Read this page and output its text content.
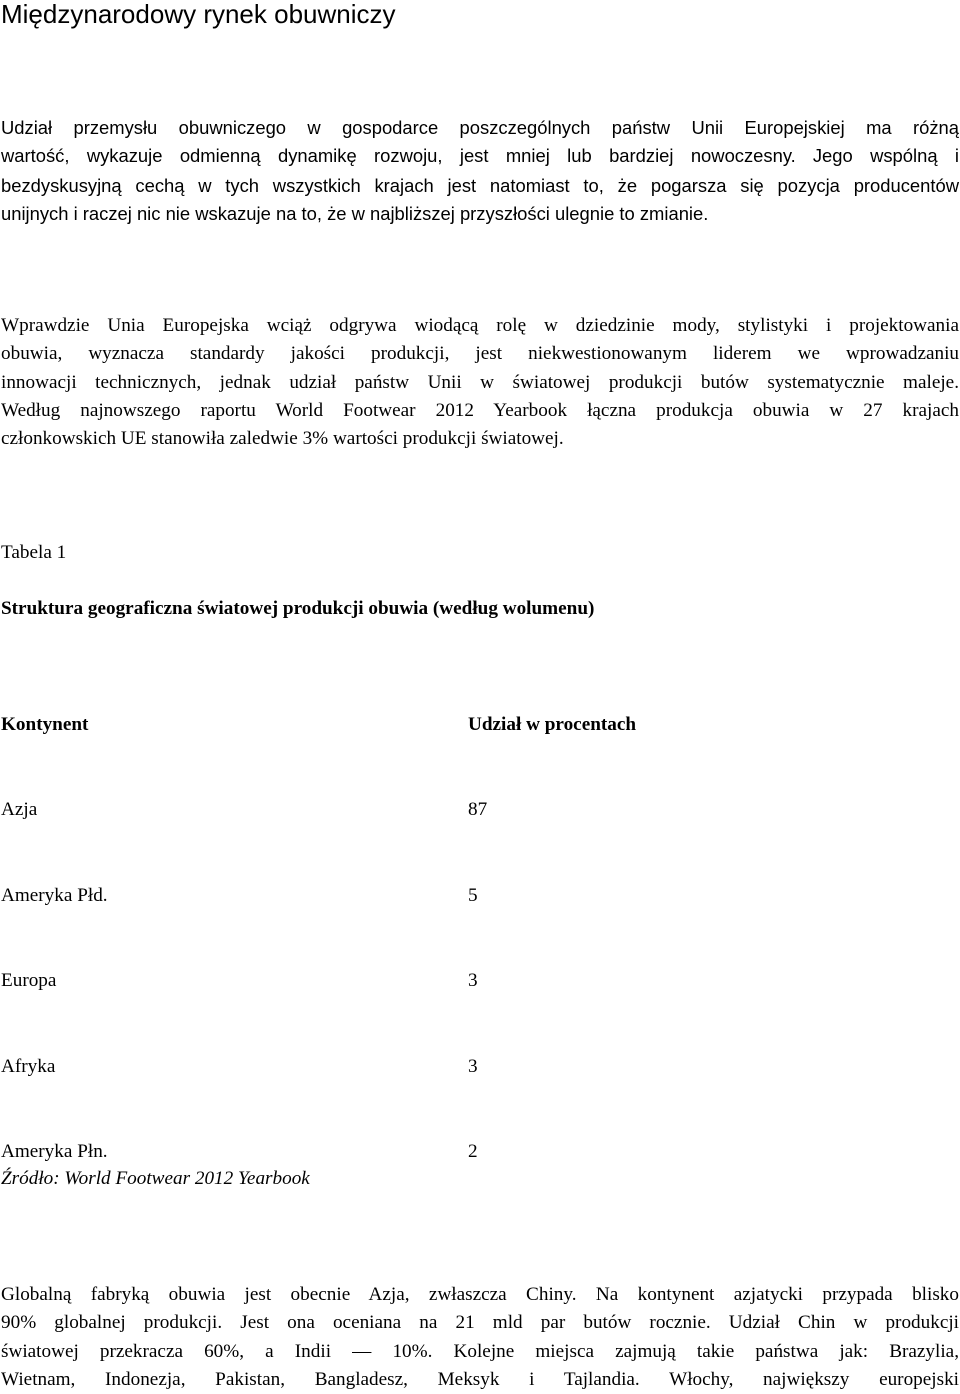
Międzynarodowy rynek obuwniczy
Udział przemysłu obuwniczego w gospodarce poszczególnych państw Unii Europejskiej ma różną
wartość, wykazuje odmienną dynamikę rozwoju, jest mniej lub bardziej nowoczesny. Jego wspólną i
bezdyskusyjną cechą w tych wszystkich krajach jest natomiast to, że pogarsza się pozycja producentów
unijnych i raczej nic nie wskazuje na to, że w najbliższej przyszłości ulegnie to zmianie.
Wprawdzie Unia Europejska wciąż odgrywa wiodącą rolę w dziedzinie mody, stylistyki i projektowania
obuwia, wyznacza standardy jakości produkcji, jest niekwestionowanym liderem we wprowadzaniu
innowacji technicznych, jednak udział państw Unii w światowej produkcji butów systematycznie maleje.
Według najnowszego raportu World Footwear 2012 Yearbook łączna produkcja obuwia w 27 krajach
członkowskich UE stanowiła zaledwie 3% wartości produkcji światowej.

Tabela 1

Struktura geograficzna światowej produkcji obuwia (według wolumenu)

Kontynent	Udział w procentach

Azja	87

Ameryka Płd.	5

Europa	3

Afryka	3

Ameryka Płn.	2

Źródło: World Footwear 2012 Yearbook

Globalną fabryką obuwia jest obecnie Azja, zwłaszcza Chiny. Na kontynent azjatycki przypada blisko
90% globalnej produkcji. Jest ona oceniana na 21 mld par butów rocznie. Udział Chin w produkcji
światowej przekracza 60%, a Indii — 10%. Kolejne miejsca zajmują takie państwa jak: Brazylia,
Wietnam, Indonezja, Pakistan, Bangladesz, Meksyk i Tajlandia. Włochy, największy europejski
